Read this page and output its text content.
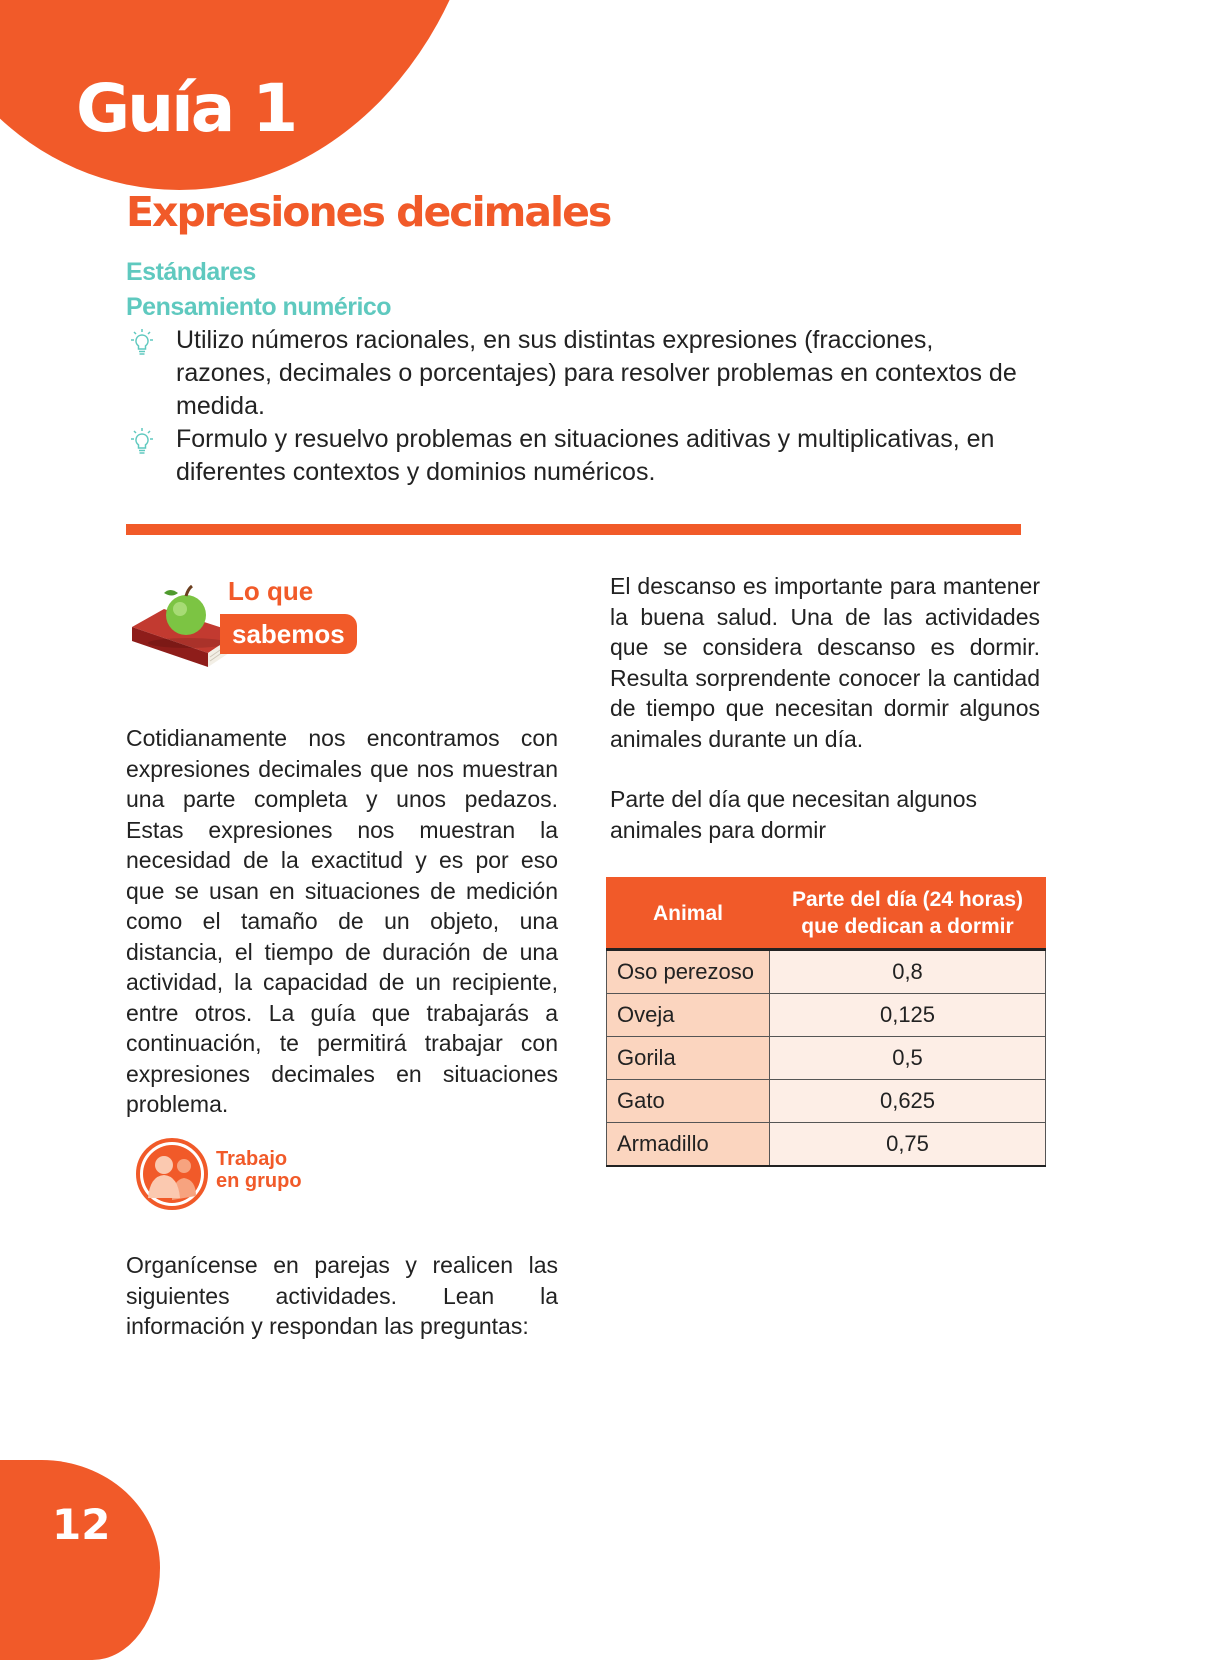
Guía 1
Expresiones decimales
Estándares
Pensamiento numérico
Utilizo números racionales, en sus distintas expresiones (fracciones, razones, decimales o porcentajes) para resolver problemas en contextos de medida.
Formulo y resuelvo problemas en situaciones aditivas y multiplicativas, en diferentes contextos y dominios numéricos.
Lo que
sabemos

Cotidianamente nos encontramos con expresiones decimales que nos muestran una parte completa y unos pedazos. Estas expresiones nos muestran la necesidad de la exactitud y es por eso que se usan en situaciones de medición como el tamaño de un objeto, una distancia, el tiempo de duración de una actividad, la capacidad de un recipiente, entre otros. La guía que trabajarás a continuación, te permitirá trabajar con expresiones decimales en situaciones problema.

Trabajo
en grupo

Organícense en parejas y realicen las siguientes actividades. Lean la información y respondan las preguntas:

El descanso es importante para mantener la buena salud. Una de las actividades que se considera descanso es dormir. Resulta sorprendente conocer la cantidad de tiempo que necesitan dormir algunos animales durante un día.

Parte del día que necesitan algunos animales para dormir

Animal	Parte del día (24 horas) que dedican a dormir
Oso perezoso	0,8
Oveja	0,125
Gorila	0,5
Gato	0,625
Armadillo	0,75
12
